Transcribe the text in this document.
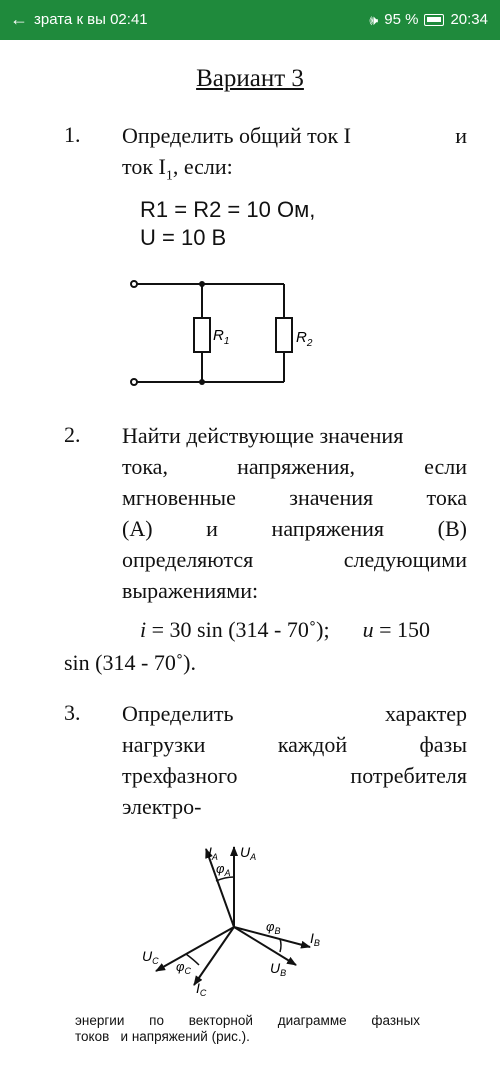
← зрата к вы 02:41	🕪 95 % 20:34
Вариант 3
1. Определить общий ток I	и
ток $I_1$, если:
R1 = R2 = 10 Ом,
U = 10 В
$R_1$	$R_2$
2. Найти действующие значения
тока,	напряжения,	если
мгновенные значения тока
(А) и напряжения (В)
определяются	следующими
выражениями:
i = 30 sin (314 - 70˚); u = 150
sin (314 - 70˚).
3. Определить	характер
нагрузки	каждой	фазы
трехфазного	потребителя
электро-
$I_A$ $U_A$
$\varphi_A$
$\varphi_B$ $I_B$
$U_B$
$U_C$ $\varphi_C$
$I_C$
энергии по векторной диаграмме фазных
токов   и напряжений (рис.).
